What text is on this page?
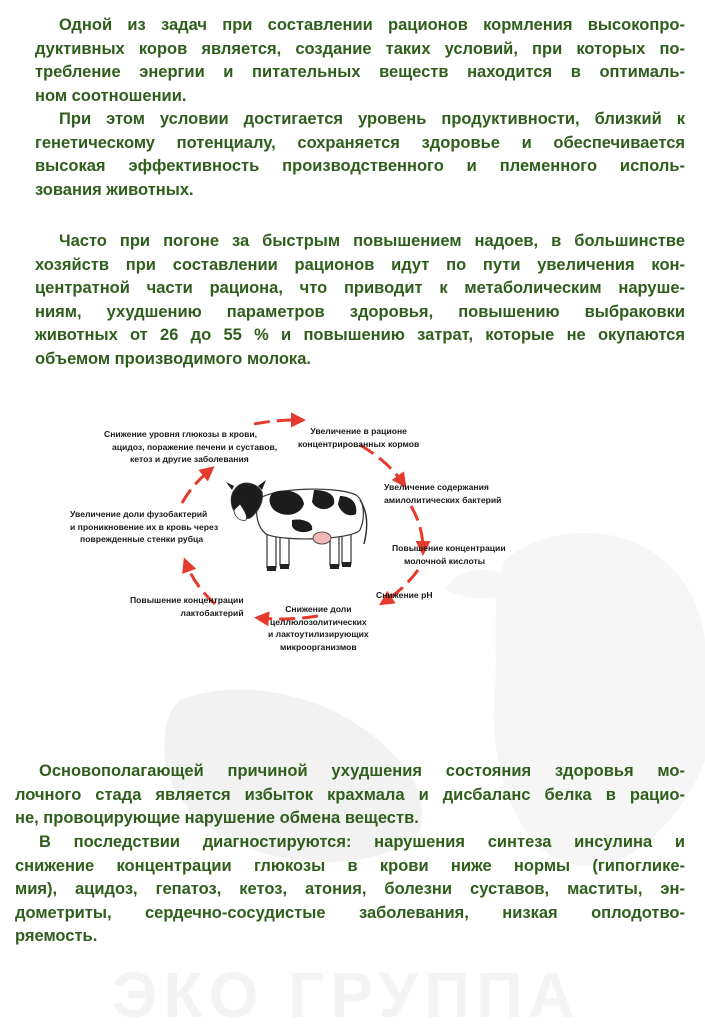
ЭКО ГРУППА
Одной из задач при составлении рационов кормления высокопро-
дуктивных коров является, создание таких условий, при которых по-
требление энергии и питательных веществ находится в оптималь-
ном соотношении.
При этом условии достигается уровень продуктивности, близкий к
генетическому потенциалу, сохраняется здоровье и обеспечивается
высокая эффективность производственного и племенного исполь-
зования животных.
Часто при погоне за быстрым повышением надоев, в большинстве
хозяйств при составлении рационов идут по пути увеличения кон-
центратной части рациона, что приводит к метаболическим наруше-
ниям, ухудшению параметров здоровья, повышению выбраковки
животных от 26 до 55 % и повышению затрат, которые не окупаются
объемом производимого молока.
Увеличение в рационе
концентрированных кормов
Увеличение содержания
амилолитических бактерий
Повышение концентрации
молочной кислоты
Снижение рН
Снижение доли
целлюлозолитических
и лактоутилизирующих
микроорганизмов
Повышение концентрации
лактобактерий
Увеличение доли фузобактерий
и проникновение их в кровь через
поврежденные стенки рубца
Снижение уровня глюкозы в крови,
ацидоз, поражение печени и суставов,
кетоз и другие заболевания
Основополагающей причиной ухудшения состояния здоровья мо-
лочного стада является избыток крахмала и дисбаланс белка в рацио-
не, провоцирующие нарушение обмена веществ.
В последствии диагностируются: нарушения синтеза инсулина и
снижение концентрации глюкозы в крови ниже нормы (гипоглике-
мия), ацидоз, гепатоз, кетоз, атония, болезни суставов, маститы, эн-
дометриты, сердечно-сосудистые заболевания, низкая оплодотво-
ряемость.
